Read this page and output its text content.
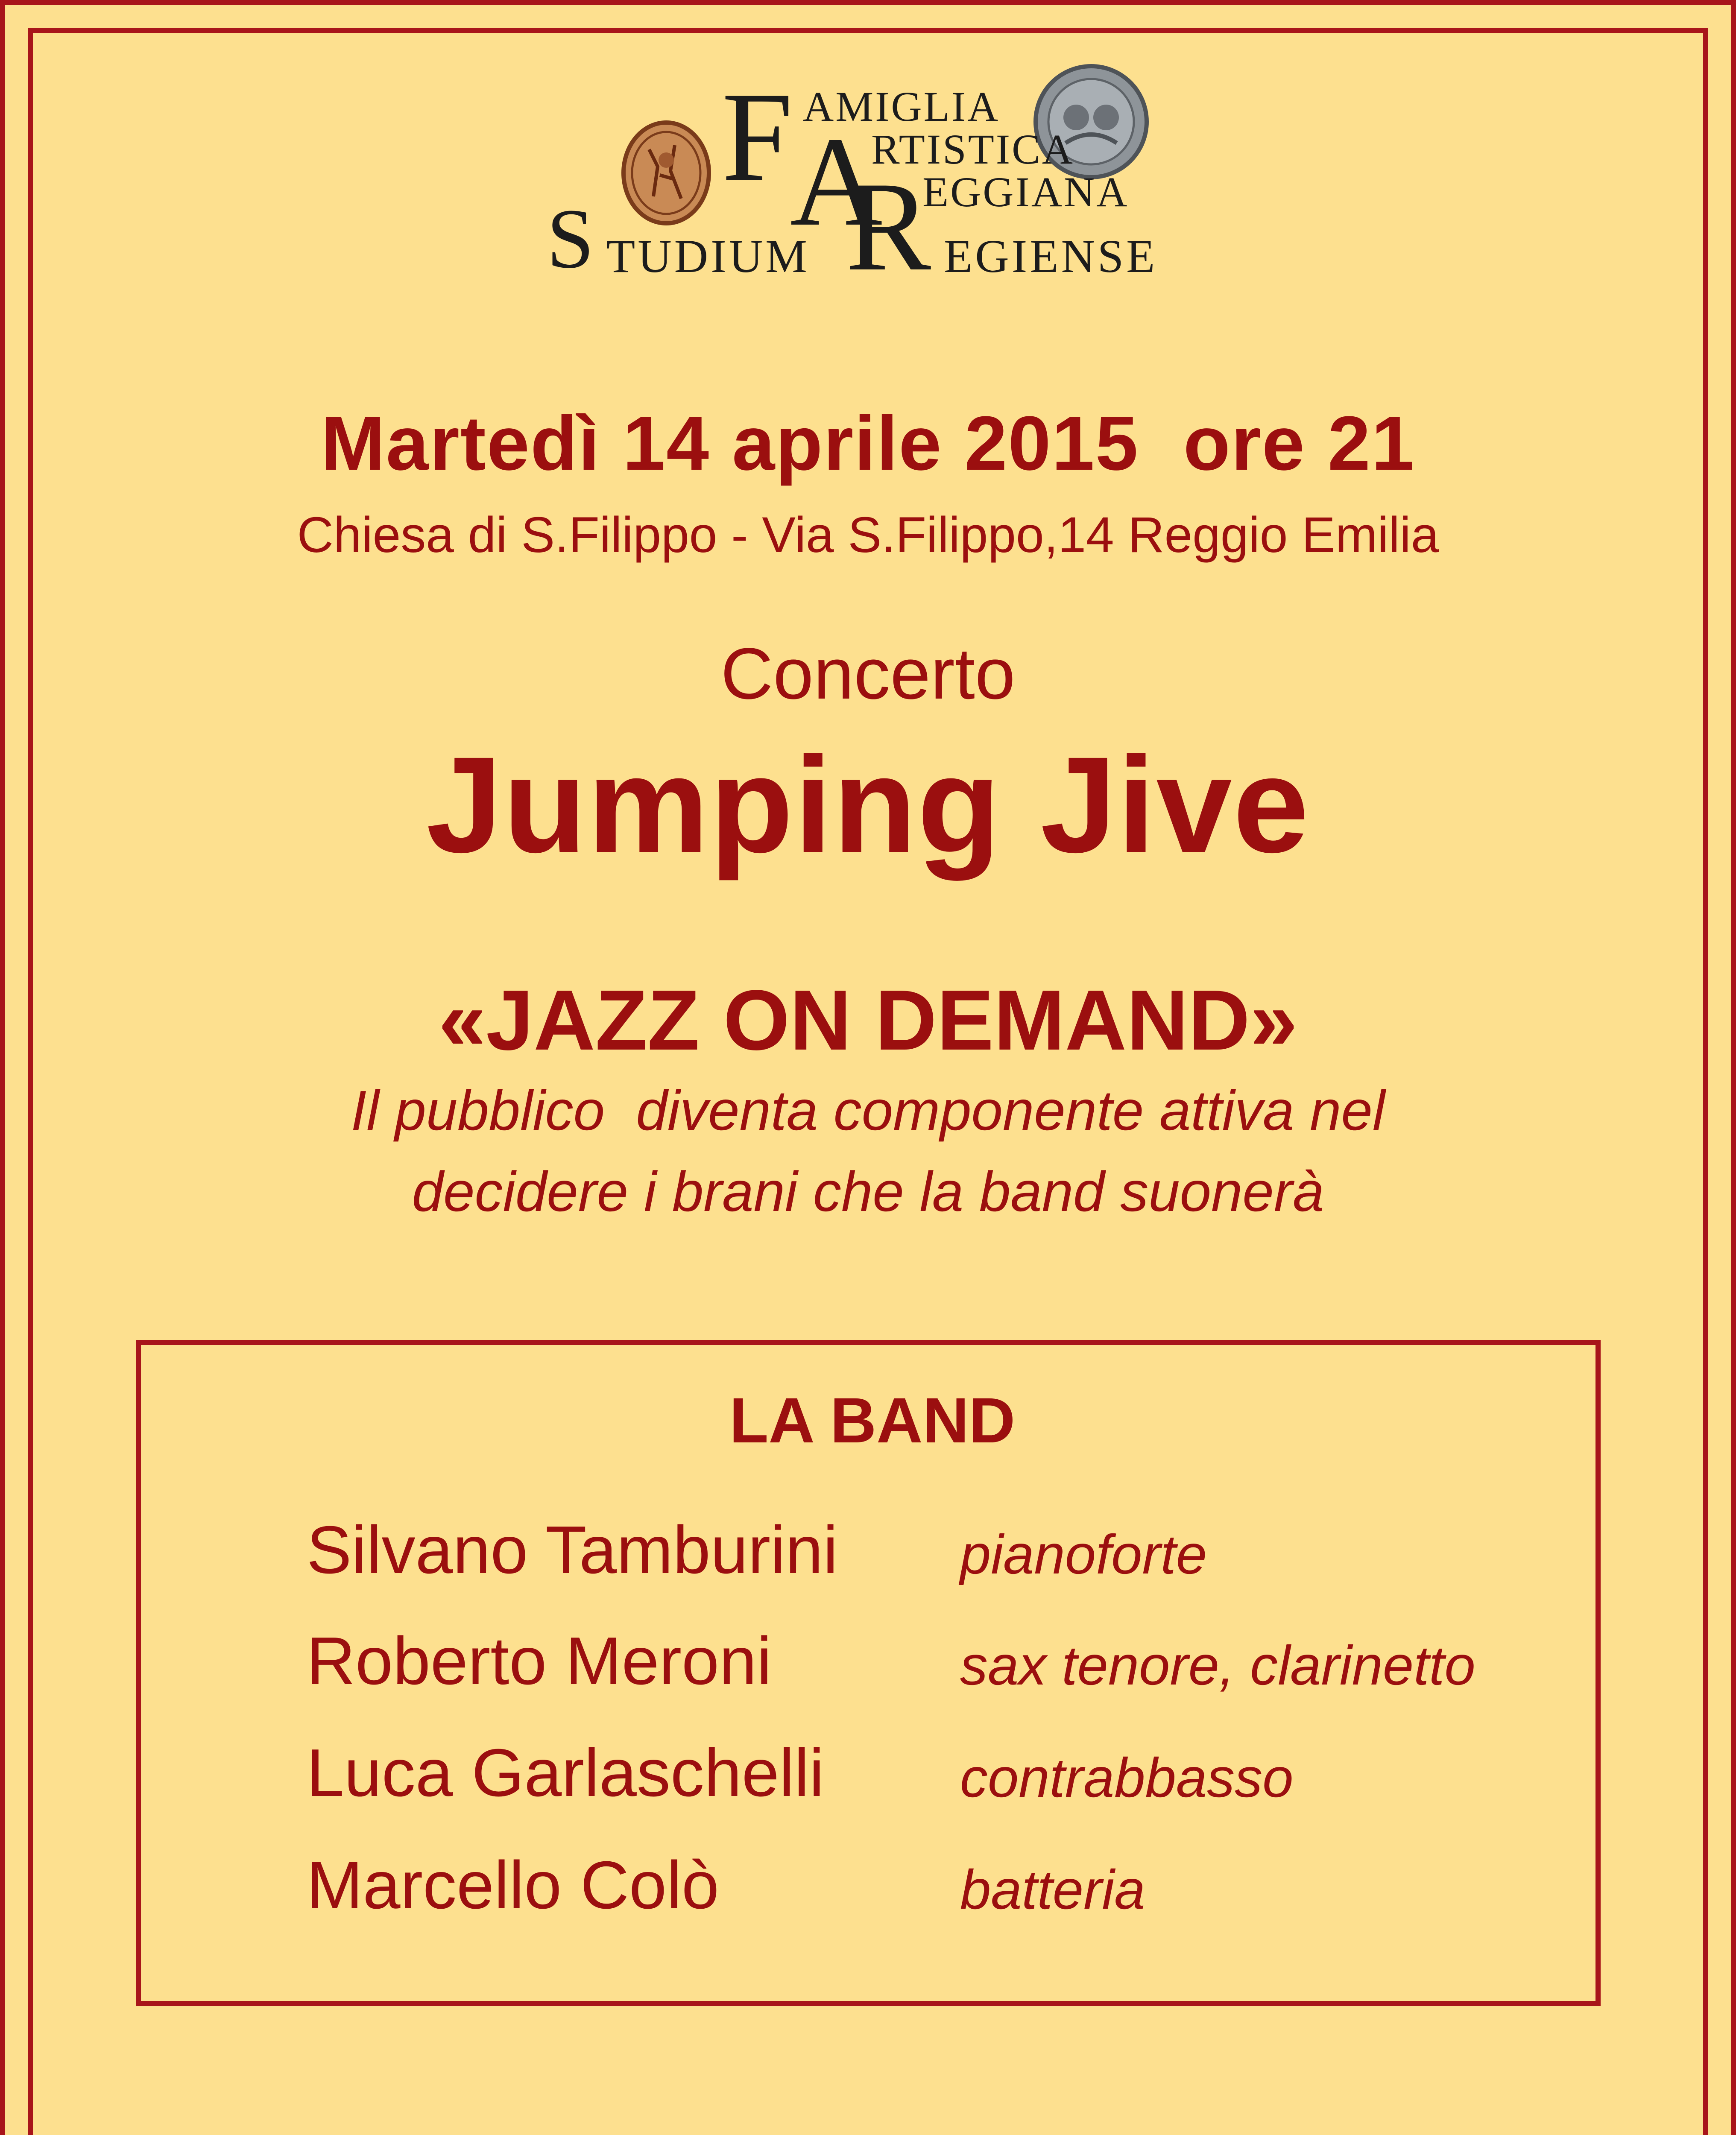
F
A
R
S
AMIGLIA
RTISTICA
EGGIANA
TUDIUM	EGIENSE
Martedì 14 aprile 2015  ore 21
Chiesa di S.Filippo - Via S.Filippo,14 Reggio Emilia
Concerto
Jumping Jive
«JAZZ ON DEMAND»
Il pubblico  diventa componente attiva nel
decidere i brani che la band suonerà
LA BAND
Silvano Tamburini pianoforte
Roberto Meroni	sax tenore, clarinetto
Luca Garlaschelli contrabbasso
Marcello Colò	batteria
